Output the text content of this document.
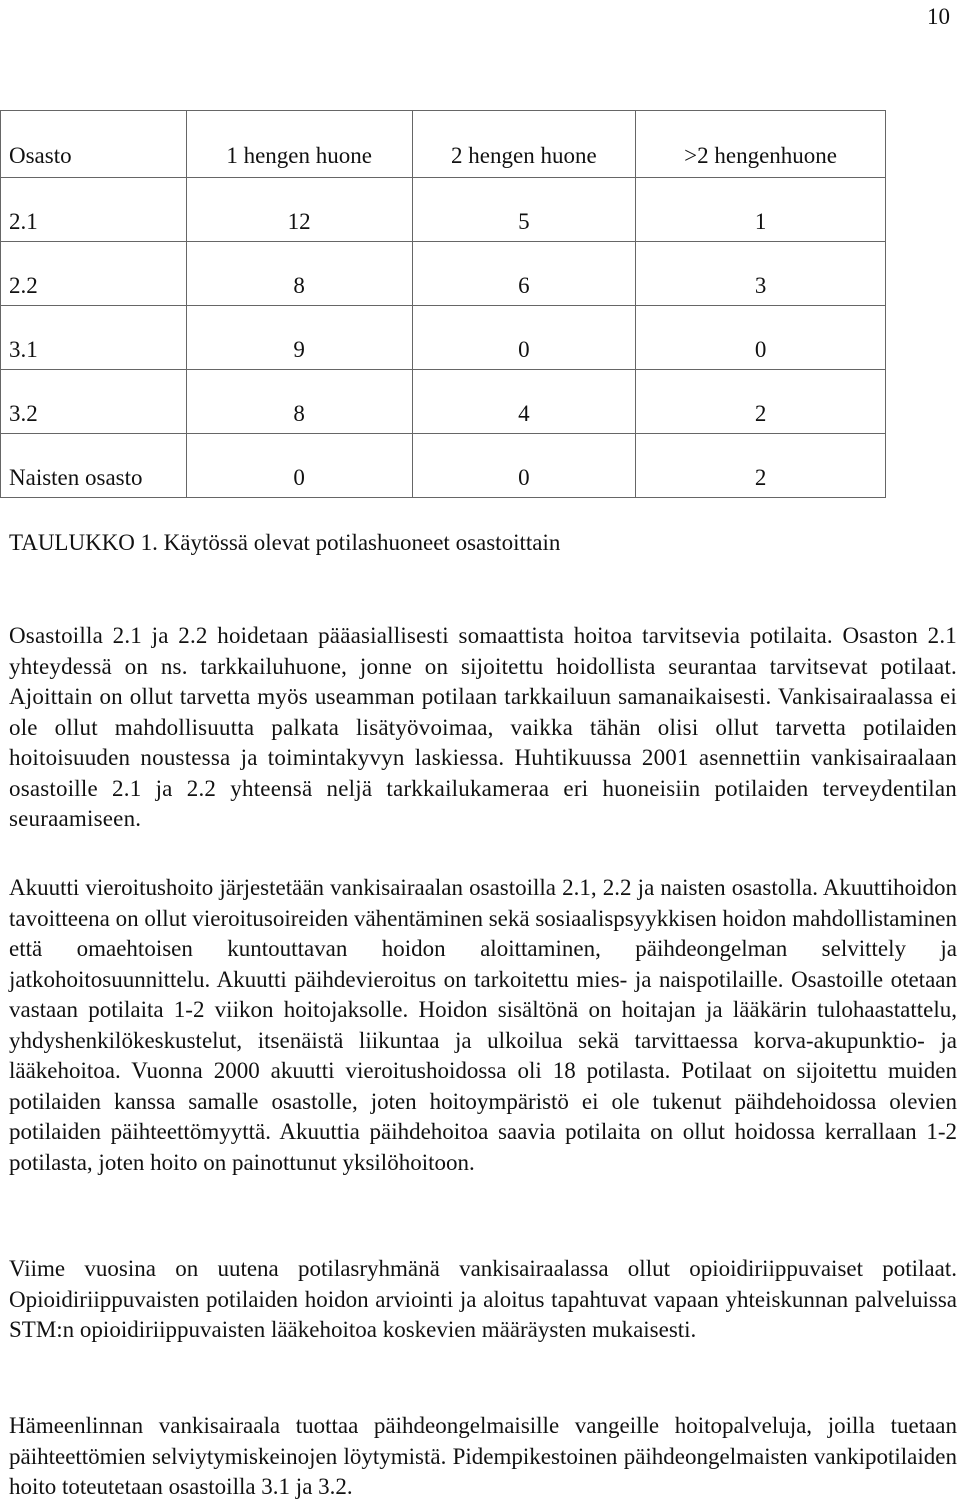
10
Osasto	1 hengen huone	2 hengen huone	>2 hengenhuone
2.1	12	5	1
2.2	8	6	3
3.1	9	0	0
3.2	8	4	2
Naisten osasto	0	0	2
TAULUKKO 1. Käytössä olevat potilashuoneet osastoittain

Osastoilla 2.1 ja 2.2 hoidetaan pääasiallisesti somaattista hoitoa tarvitsevia potilaita. Osaston 2.1 yhteydessä on ns. tarkkailuhuone, jonne on sijoitettu hoidollista seurantaa tarvitsevat potilaat. Ajoittain on ollut tarvetta myös useamman potilaan tarkkailuun samanaikaisesti. Vankisairaalassa ei ole ollut mahdollisuutta palkata lisätyövoimaa, vaikka tähän olisi ollut tarvetta potilaiden hoitoisuuden noustessa ja toimintakyvyn laskiessa. Huhtikuussa 2001 asennettiin vankisairaalaan osastoille 2.1 ja 2.2 yhteensä neljä tarkkailukameraa eri huoneisiin potilaiden terveydentilan seuraamiseen.

Akuutti vieroitushoito järjestetään vankisairaalan osastoilla 2.1, 2.2 ja naisten osastolla. Akuuttihoidon tavoitteena on ollut vieroitusoireiden vähentäminen sekä sosiaalispsyykkisen hoidon mahdollistaminen että omaehtoisen kuntouttavan hoidon aloittaminen, päihdeongelman selvittely ja jatkohoitosuunnittelu. Akuutti päihdevieroitus on tarkoitettu mies- ja naispotilaille. Osastoille otetaan vastaan potilaita 1-2 viikon hoitojaksolle. Hoidon sisältönä on hoitajan ja lääkärin tulohaastattelu, yhdyshenkilökeskustelut, itsenäistä liikuntaa ja ulkoilua sekä tarvittaessa korva-akupunktio- ja lääkehoitoa. Vuonna 2000 akuutti vieroitushoidossa oli 18 potilasta. Potilaat on sijoitettu muiden potilaiden kanssa samalle osastolle, joten hoitoympäristö ei ole tukenut päihdehoidossa olevien potilaiden päihteettömyyttä. Akuuttia päihdehoitoa saavia potilaita on ollut hoidossa kerrallaan 1-2 potilasta, joten hoito on painottunut yksilöhoitoon.

Viime vuosina on uutena potilasryhmänä vankisairaalassa ollut opioidiriippuvaiset potilaat. Opioidiriippuvaisten potilaiden hoidon arviointi ja aloitus tapahtuvat vapaan yhteiskunnan palveluissa STM:n opioidiriippuvaisten lääkehoitoa koskevien määräysten mukaisesti.

Hämeenlinnan vankisairaala tuottaa päihdeongelmaisille vangeille hoitopalveluja, joilla tuetaan päihteettömien selviytymiskeinojen löytymistä. Pidempikestoinen päihdeongelmaisten vankipotilaiden hoito toteutetaan osastoilla 3.1 ja 3.2.
